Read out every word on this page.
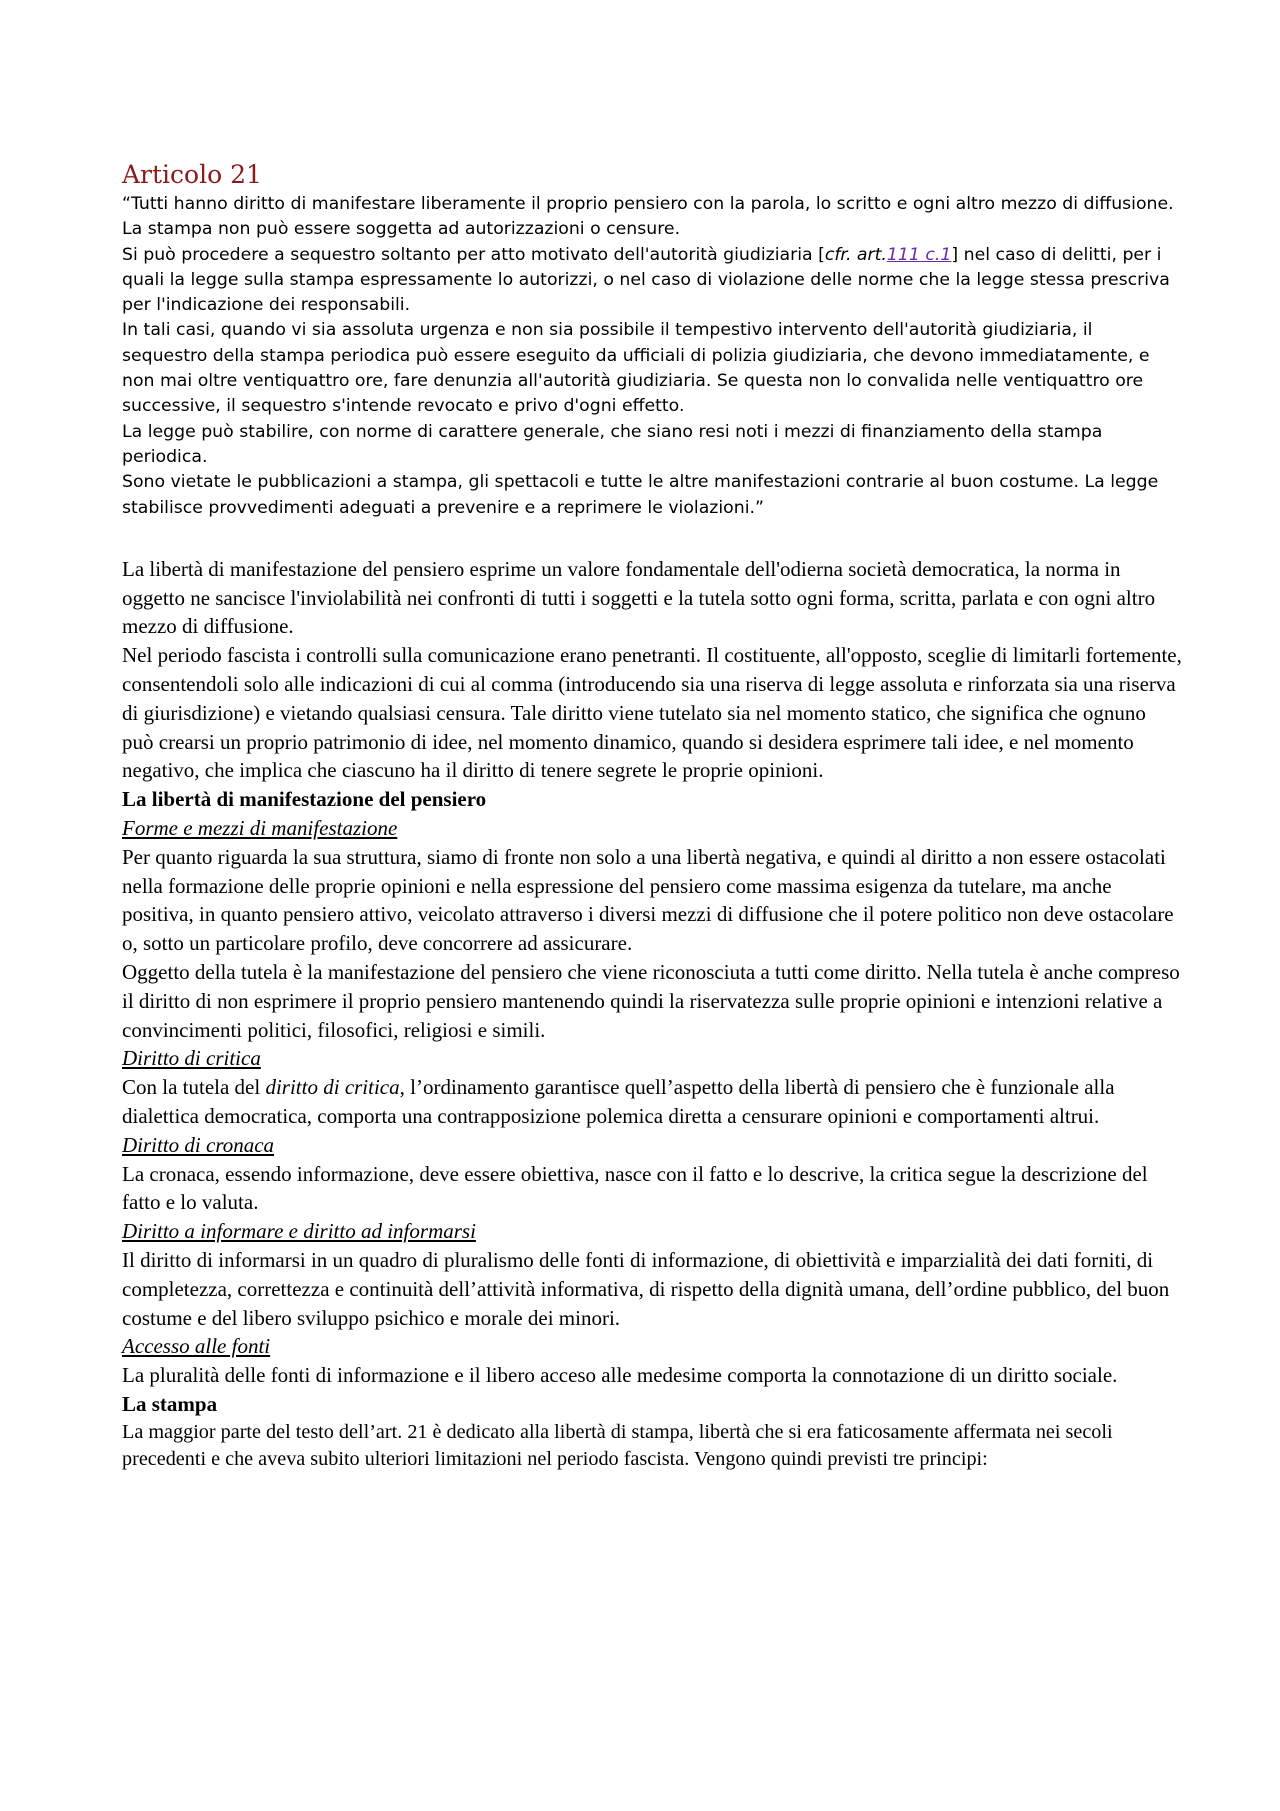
Articolo 21

“Tutti hanno diritto di manifestare liberamente il proprio pensiero con la parola, lo scritto e ogni altro mezzo di diffusione.

La stampa non può essere soggetta ad autorizzazioni o censure.

Si può procedere a sequestro soltanto per atto motivato dell'autorità giudiziaria [cfr. art.111 c.1] nel caso di delitti, per i quali la legge sulla stampa espressamente lo autorizzi, o nel caso di violazione delle norme che la legge stessa prescriva per l'indicazione dei responsabili.

In tali casi, quando vi sia assoluta urgenza e non sia possibile il tempestivo intervento dell'autorità giudiziaria, il sequestro della stampa periodica può essere eseguito da ufficiali di polizia giudiziaria, che devono immediatamente, e non mai oltre ventiquattro ore, fare denunzia all'autorità giudiziaria. Se questa non lo convalida nelle ventiquattro ore successive, il sequestro s'intende revocato e privo d'ogni effetto.

La legge può stabilire, con norme di carattere generale, che siano resi noti i mezzi di finanziamento della stampa periodica.

Sono vietate le pubblicazioni a stampa, gli spettacoli e tutte le altre manifestazioni contrarie al buon costume. La legge stabilisce provvedimenti adeguati a prevenire e a reprimere le violazioni.”

La libertà di manifestazione del pensiero esprime un valore fondamentale dell'odierna società democratica, la norma in oggetto ne sancisce l'inviolabilità nei confronti di tutti i soggetti e la tutela sotto ogni forma, scritta, parlata e con ogni altro mezzo di diffusione.

Nel periodo fascista i controlli sulla comunicazione erano penetranti. Il costituente, all'opposto, sceglie di limitarli fortemente, consentendoli solo alle indicazioni di cui al comma (introducendo sia una riserva di legge assoluta e rinforzata sia una riserva di giurisdizione) e vietando qualsiasi censura. Tale diritto viene tutelato sia nel momento statico, che significa che ognuno può crearsi un proprio patrimonio di idee, nel momento dinamico, quando si desidera esprimere tali idee, e nel momento negativo, che implica che ciascuno ha il diritto di tenere segrete le proprie opinioni.

La libertà di manifestazione del pensiero

Forme e mezzi di manifestazione

Per quanto riguarda la sua struttura, siamo di fronte non solo a una libertà negativa, e quindi al diritto a non essere ostacolati nella formazione delle proprie opinioni e nella espressione del pensiero come massima esigenza da tutelare, ma anche positiva, in quanto pensiero attivo, veicolato attraverso i diversi mezzi di diffusione che il potere politico non deve ostacolare o, sotto un particolare profilo, deve concorrere ad assicurare.

Oggetto della tutela è la manifestazione del pensiero che viene riconosciuta a tutti come diritto. Nella tutela è anche compreso il diritto di non esprimere il proprio pensiero mantenendo quindi la riservatezza sulle proprie opinioni e intenzioni relative a convincimenti politici, filosofici, religiosi e simili.

Diritto di critica

Con la tutela del diritto di critica, l’ordinamento garantisce quell’aspetto della libertà di pensiero che è funzionale alla dialettica democratica, comporta una contrapposizione polemica diretta a censurare opinioni e comportamenti altrui.

Diritto di cronaca

La cronaca, essendo informazione, deve essere obiettiva, nasce con il fatto e lo descrive, la critica segue la descrizione del fatto e lo valuta.

Diritto a informare e diritto ad informarsi

Il diritto di informarsi in un quadro di pluralismo delle fonti di informazione, di obiettività e imparzialità dei dati forniti, di completezza, correttezza e continuità dell’attività informativa, di rispetto della dignità umana, dell’ordine pubblico, del buon costume e del libero sviluppo psichico e morale dei minori.

Accesso alle fonti

La pluralità delle fonti di informazione e il libero acceso alle medesime comporta la connotazione di un diritto sociale.

La stampa

La maggior parte del testo dell’art. 21 è dedicato alla libertà di stampa, libertà che si era faticosamente affermata nei secoli precedenti e che aveva subito ulteriori limitazioni nel periodo fascista. Vengono quindi previsti tre principi:
